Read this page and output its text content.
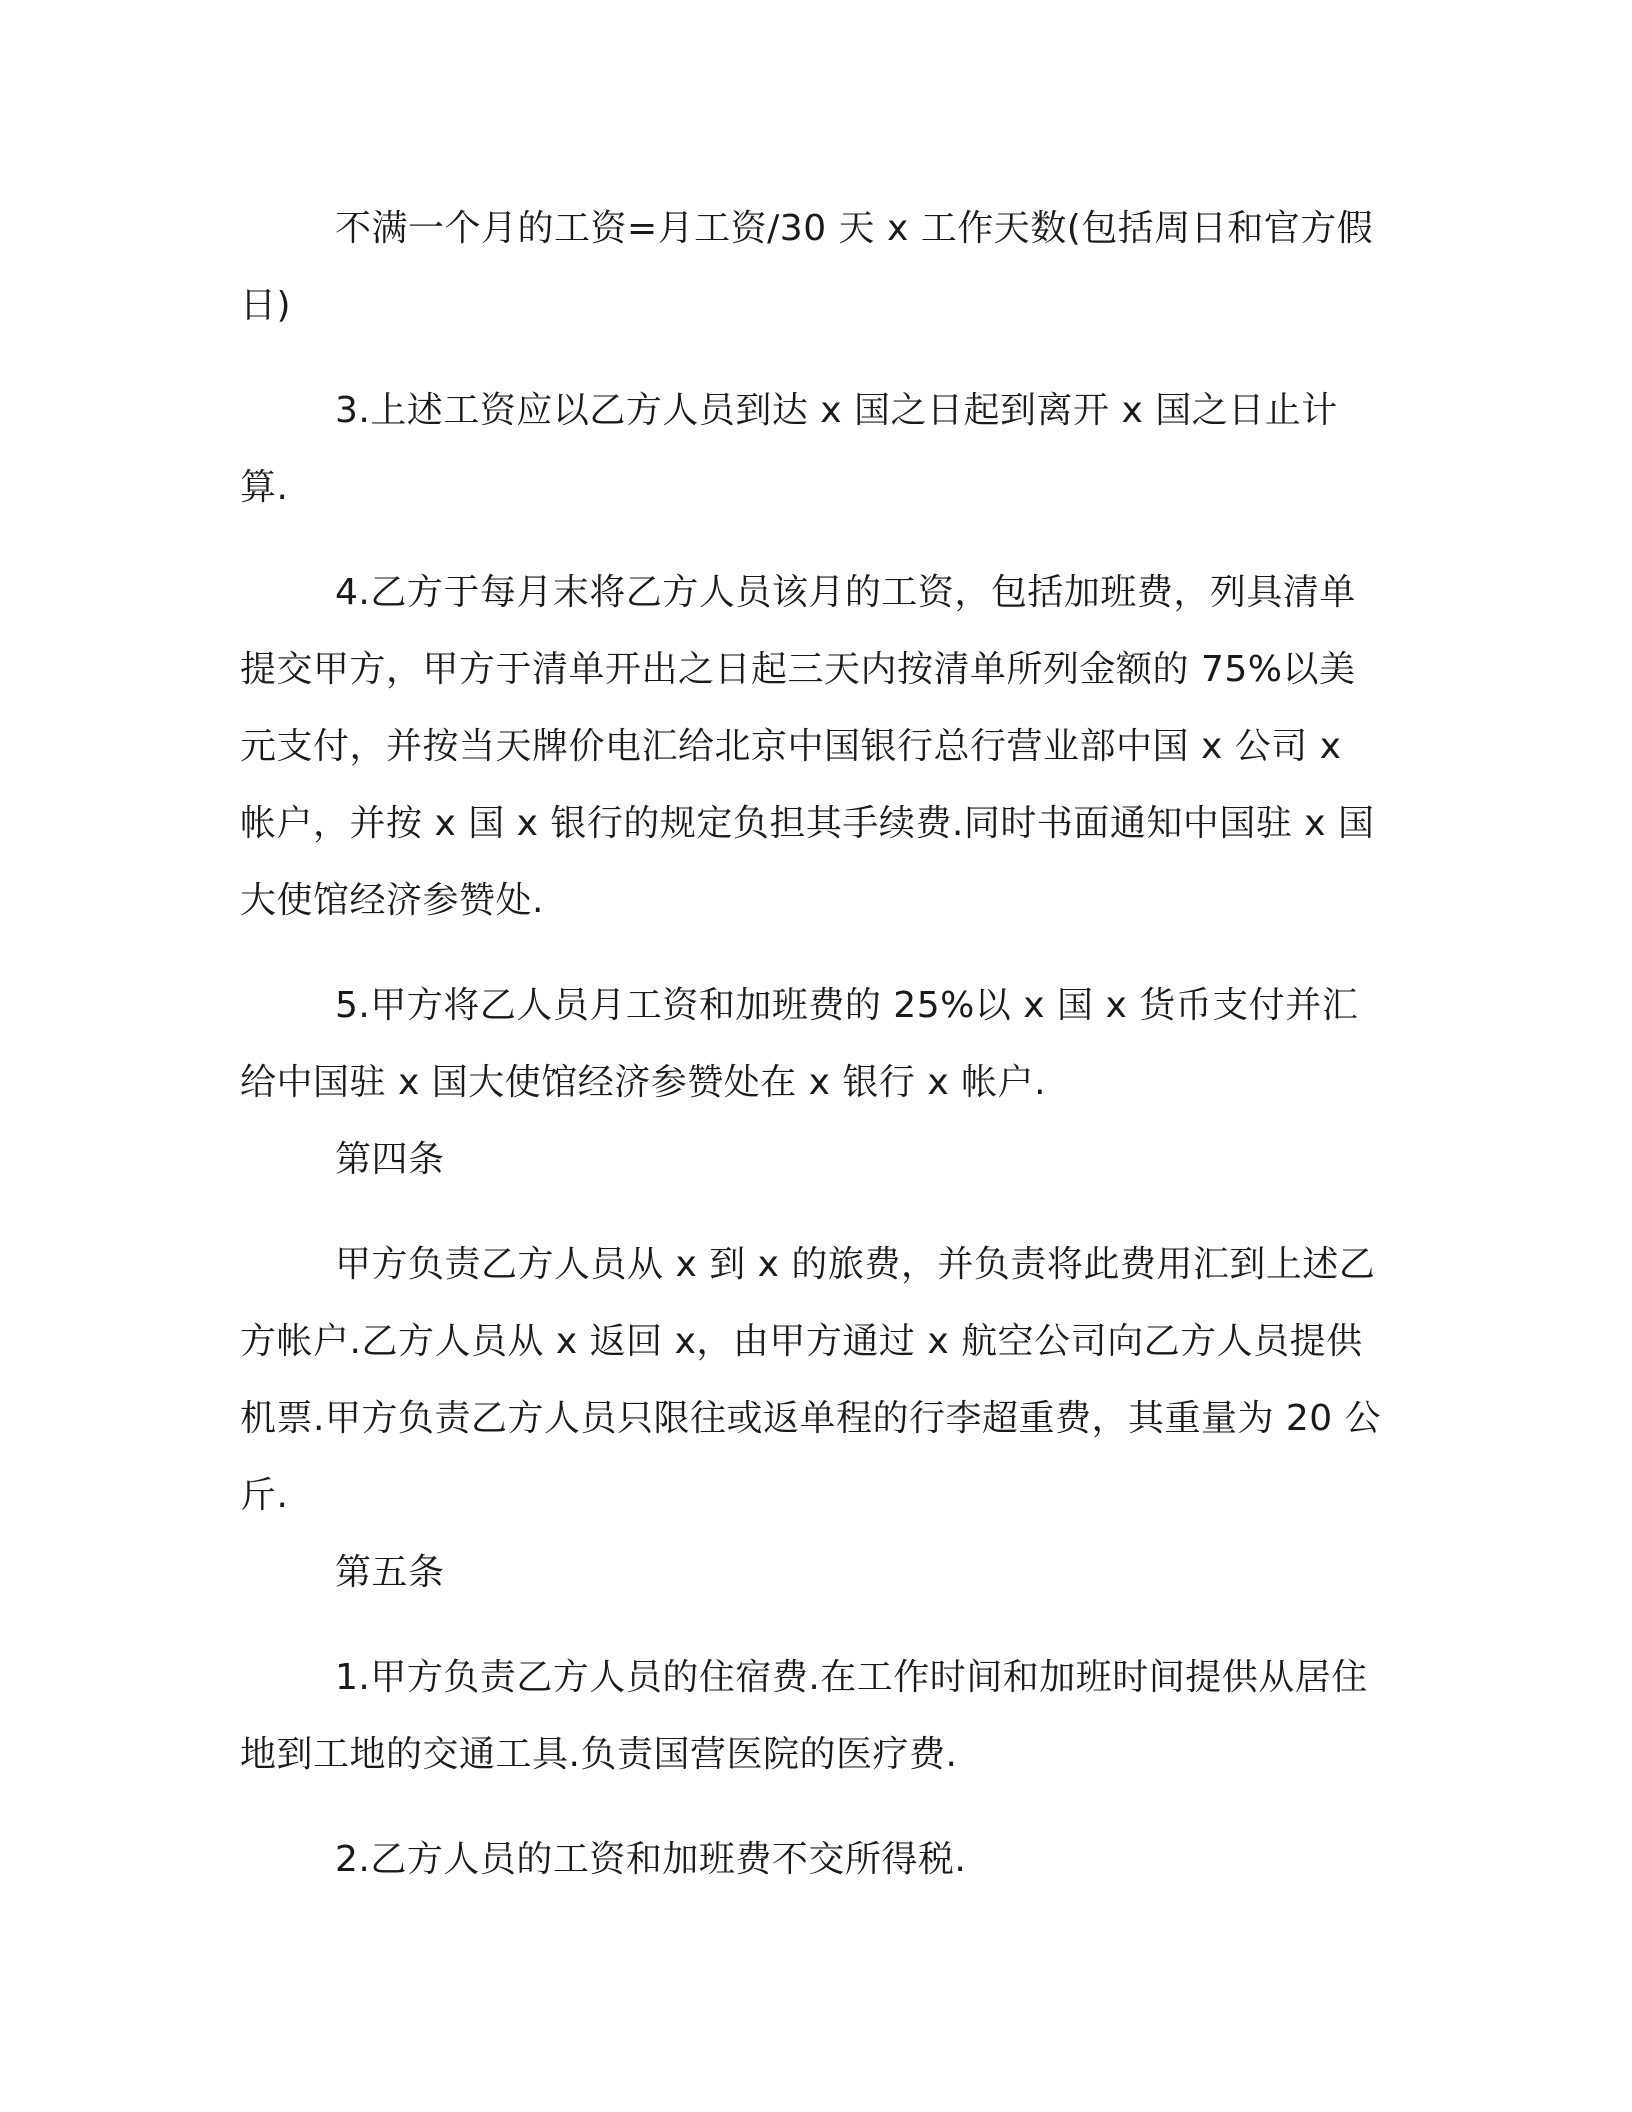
不满一个月的工资=月工资/30 天 x 工作天数(包括周日和官方假日)

3.上述工资应以乙方人员到达 x 国之日起到离开 x 国之日止计算.

4.乙方于每月末将乙方人员该月的工资，包括加班费，列具清单提交甲方，甲方于清单开出之日起三天内按清单所列金额的 75%以美元支付，并按当天牌价电汇给北京中国银行总行营业部中国 x 公司 x 帐户，并按 x 国 x 银行的规定负担其手续费.同时书面通知中国驻 x 国大使馆经济参赞处.

5.甲方将乙人员月工资和加班费的 25%以 x 国 x 货币支付并汇给中国驻 x 国大使馆经济参赞处在 x 银行 x 帐户.

第四条

甲方负责乙方人员从 x 到 x 的旅费，并负责将此费用汇到上述乙方帐户.乙方人员从 x 返回 x，由甲方通过 x 航空公司向乙方人员提供机票.甲方负责乙方人员只限往或返单程的行李超重费，其重量为 20 公斤.

第五条

1.甲方负责乙方人员的住宿费.在工作时间和加班时间提供从居住地到工地的交通工具.负责国营医院的医疗费.

2.乙方人员的工资和加班费不交所得税.
